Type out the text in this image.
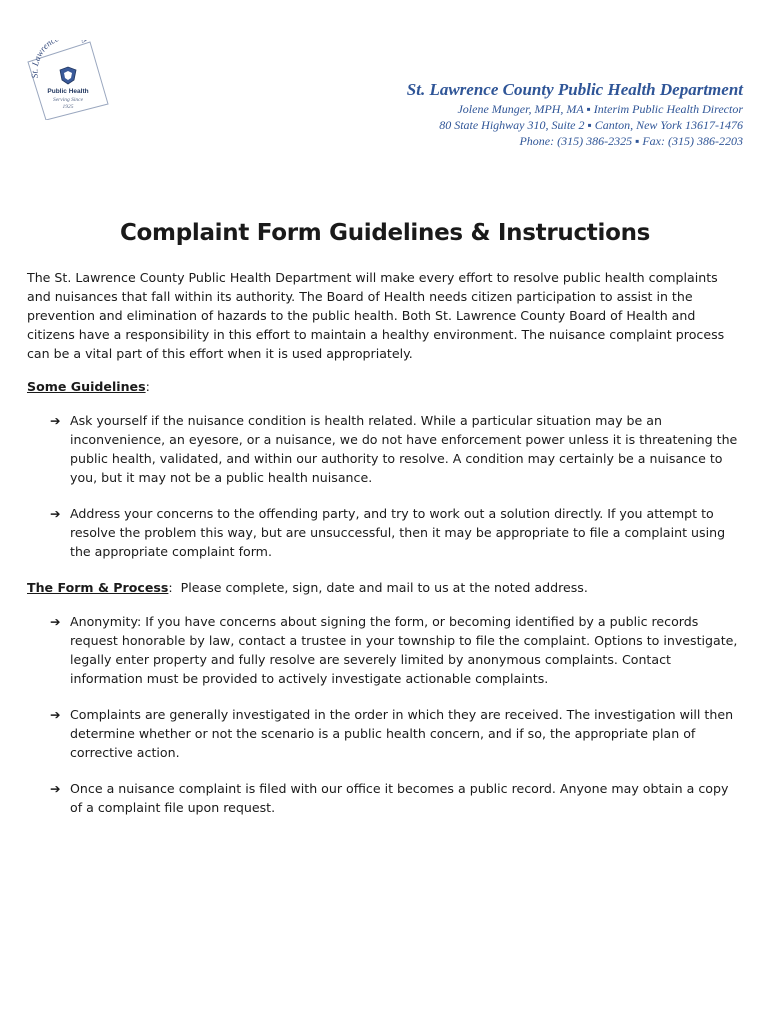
St. Lawrenc
Public Health
Serving Since
1925
St. Lawrence County Public Health Department
Jolene Munger, MPH, MA ▪ Interim Public Health Director
80 State Highway 310, Suite 2 ▪ Canton, New York 13617-1476
Phone: (315) 386-2325 ▪ Fax: (315) 386-2203
Complaint Form Guidelines & Instructions

The St. Lawrence County Public Health Department will make every effort to resolve public health complaints and nuisances that fall within its authority. The Board of Health needs citizen participation to assist in the prevention and elimination of hazards to the public health. Both St. Lawrence County Board of Health and citizens have a responsibility in this effort to maintain a healthy environment. The nuisance complaint process can be a vital part of this effort when it is used appropriately.

Some Guidelines:

➔ Ask yourself if the nuisance condition is health related. While a particular situation may be an inconvenience, an eyesore, or a nuisance, we do not have enforcement power unless it is threatening the public health, validated, and within our authority to resolve. A condition may certainly be a nuisance to you, but it may not be a public health nuisance.
➔ Address your concerns to the offending party, and try to work out a solution directly. If you attempt to resolve the problem this way, but are unsuccessful, then it may be appropriate to file a complaint using the appropriate complaint form.

The Form & Process:  Please complete, sign, date and mail to us at the noted address.

➔ Anonymity: If you have concerns about signing the form, or becoming identified by a public records request honorable by law, contact a trustee in your township to file the complaint. Options to investigate, legally enter property and fully resolve are severely limited by anonymous complaints. Contact information must be provided to actively investigate actionable complaints.
➔ Complaints are generally investigated in the order in which they are received. The investigation will then determine whether or not the scenario is a public health concern, and if so, the appropriate plan of corrective action.
➔ Once a nuisance complaint is filed with our office it becomes a public record. Anyone may obtain a copy of a complaint file upon request.
